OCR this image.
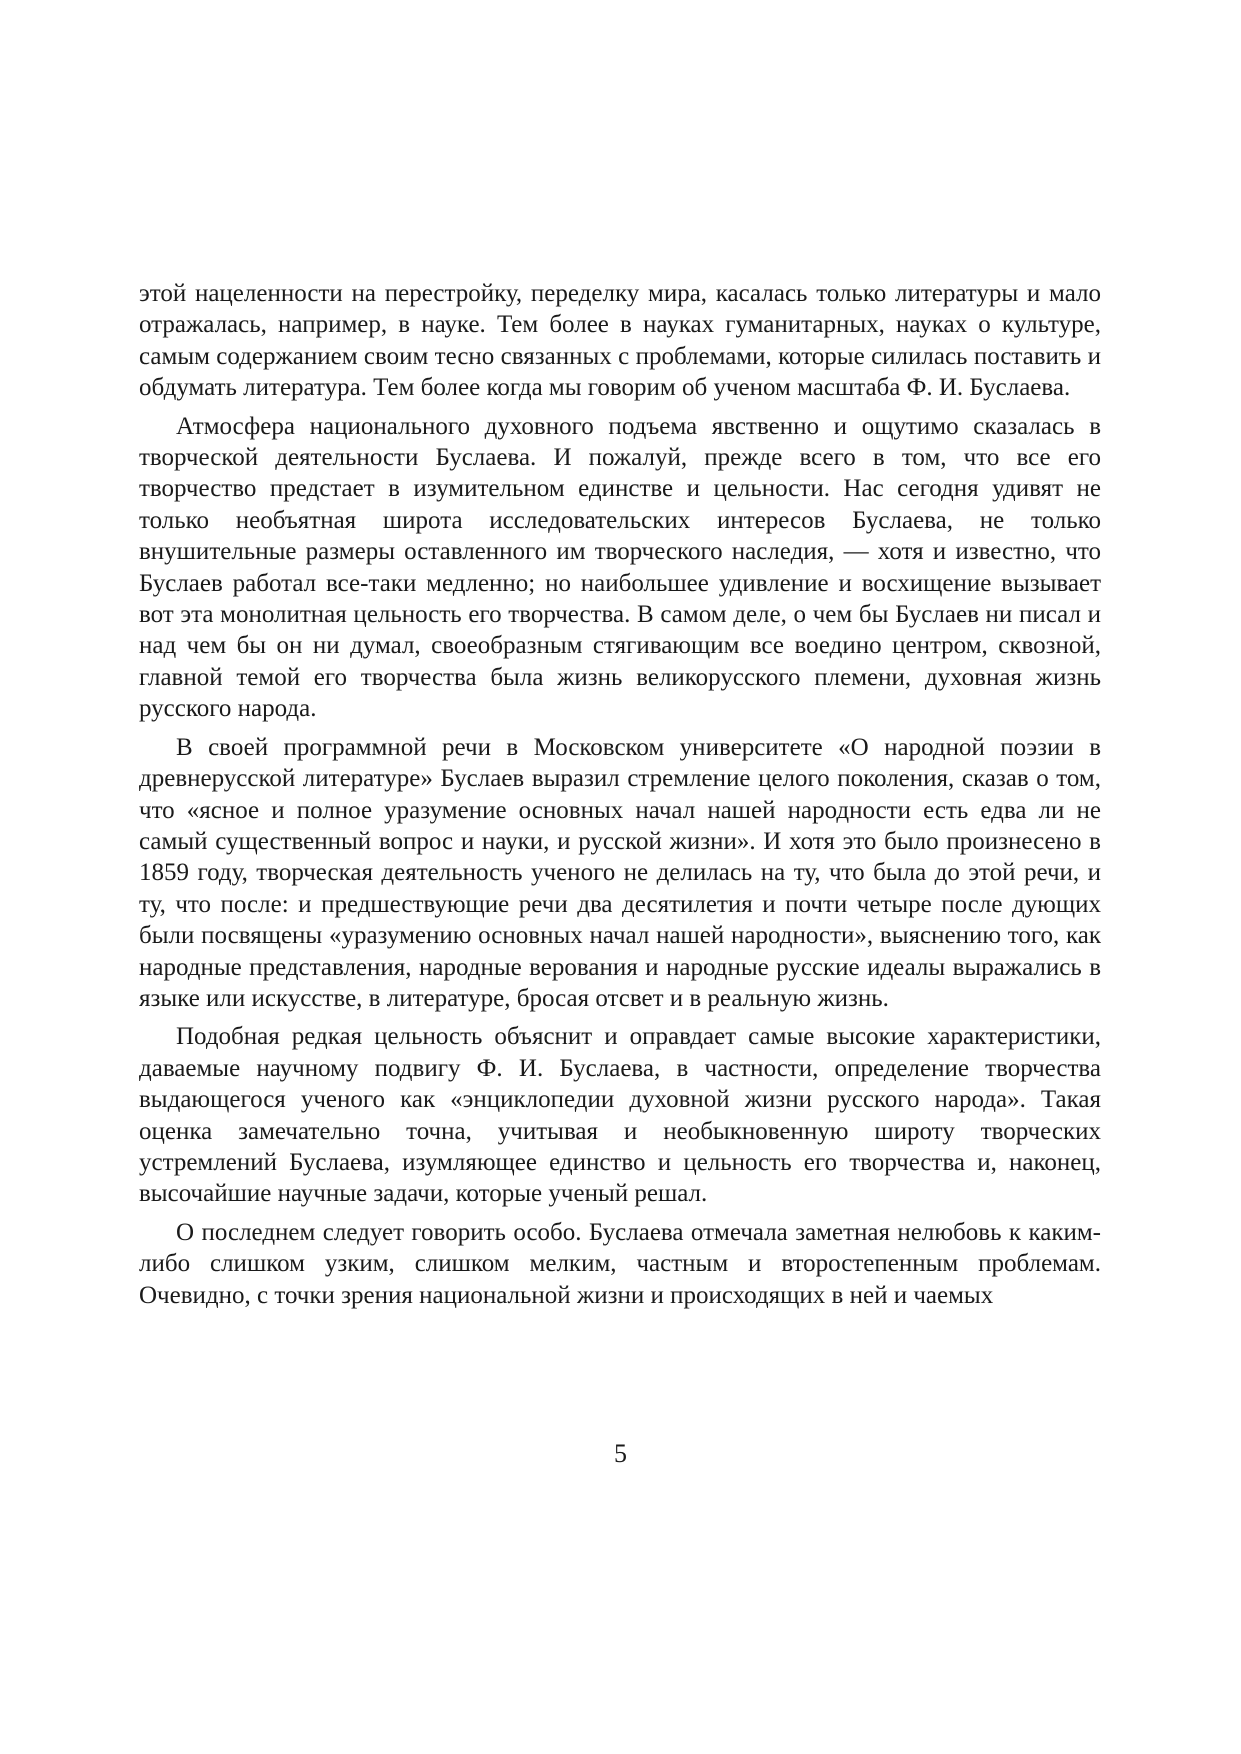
этой нацеленности на перестройку, переделку мира, касалась только литературы и мало отражалась, например, в науке. Тем более в науках гуманитарных, науках о культуре, самым содержанием своим тесно связанных с проблемами, которые силилась поставить и обдумать литература. Тем более когда мы говорим об ученом масштаба Ф. И. Буслаева.

Атмосфера национального духовного подъема явственно и ощутимо сказалась в творческой деятельности Буслаева. И пожалуй, прежде всего в том, что все его творчество предстает в изумительном единстве и цельности. Нас сегодня удивят не только необъятная широта исследовательских интересов Буслаева, не только внушительные размеры оставленного им творческого наследия, — хотя и известно, что Буслаев работал все-таки медленно; но наибольшее удивление и восхищение вызывает вот эта монолитная цельность его творчества. В самом деле, о чем бы Буслаев ни писал и над чем бы он ни думал, своеобразным стягивающим все воедино центром, сквозной, главной темой его творчества была жизнь великорусского племени, духовная жизнь русского народа.

В своей программной речи в Московском университете «О народной поэзии в древнерусской литературе» Буслаев выразил стремление целого поколения, сказав о том, что «ясное и полное уразумение основных начал нашей народности есть едва ли не самый существенный вопрос и науки, и русской жизни». И хотя это было произнесено в 1859 году, творческая деятельность ученого не делилась на ту, что была до этой речи, и ту, что после: и предшествующие речи два десятилетия и почти четыре после дующих были посвящены «уразумению основных начал нашей народности», выяснению того, как народные представления, народные верования и народные русские идеалы выражались в языке или искусстве, в литературе, бросая отсвет и в реальную жизнь.

Подобная редкая цельность объяснит и оправдает самые высокие характеристики, даваемые научному подвигу Ф. И. Буслаева, в частности, определение творчества выдающегося ученого как «энциклопедии духовной жизни русского народа». Такая оценка замечательно точна, учитывая и необыкновенную широту творческих устремлений Буслаева, изумляющее единство и цельность его творчества и, наконец, высочайшие научные задачи, которые ученый решал.

О последнем следует говорить особо. Буслаева отмечала заметная нелюбовь к каким-либо слишком узким, слишком мелким, частным и второстепенным проблемам. Очевидно, с точки зрения национальной жизни и происходящих в ней и чаемых

5
